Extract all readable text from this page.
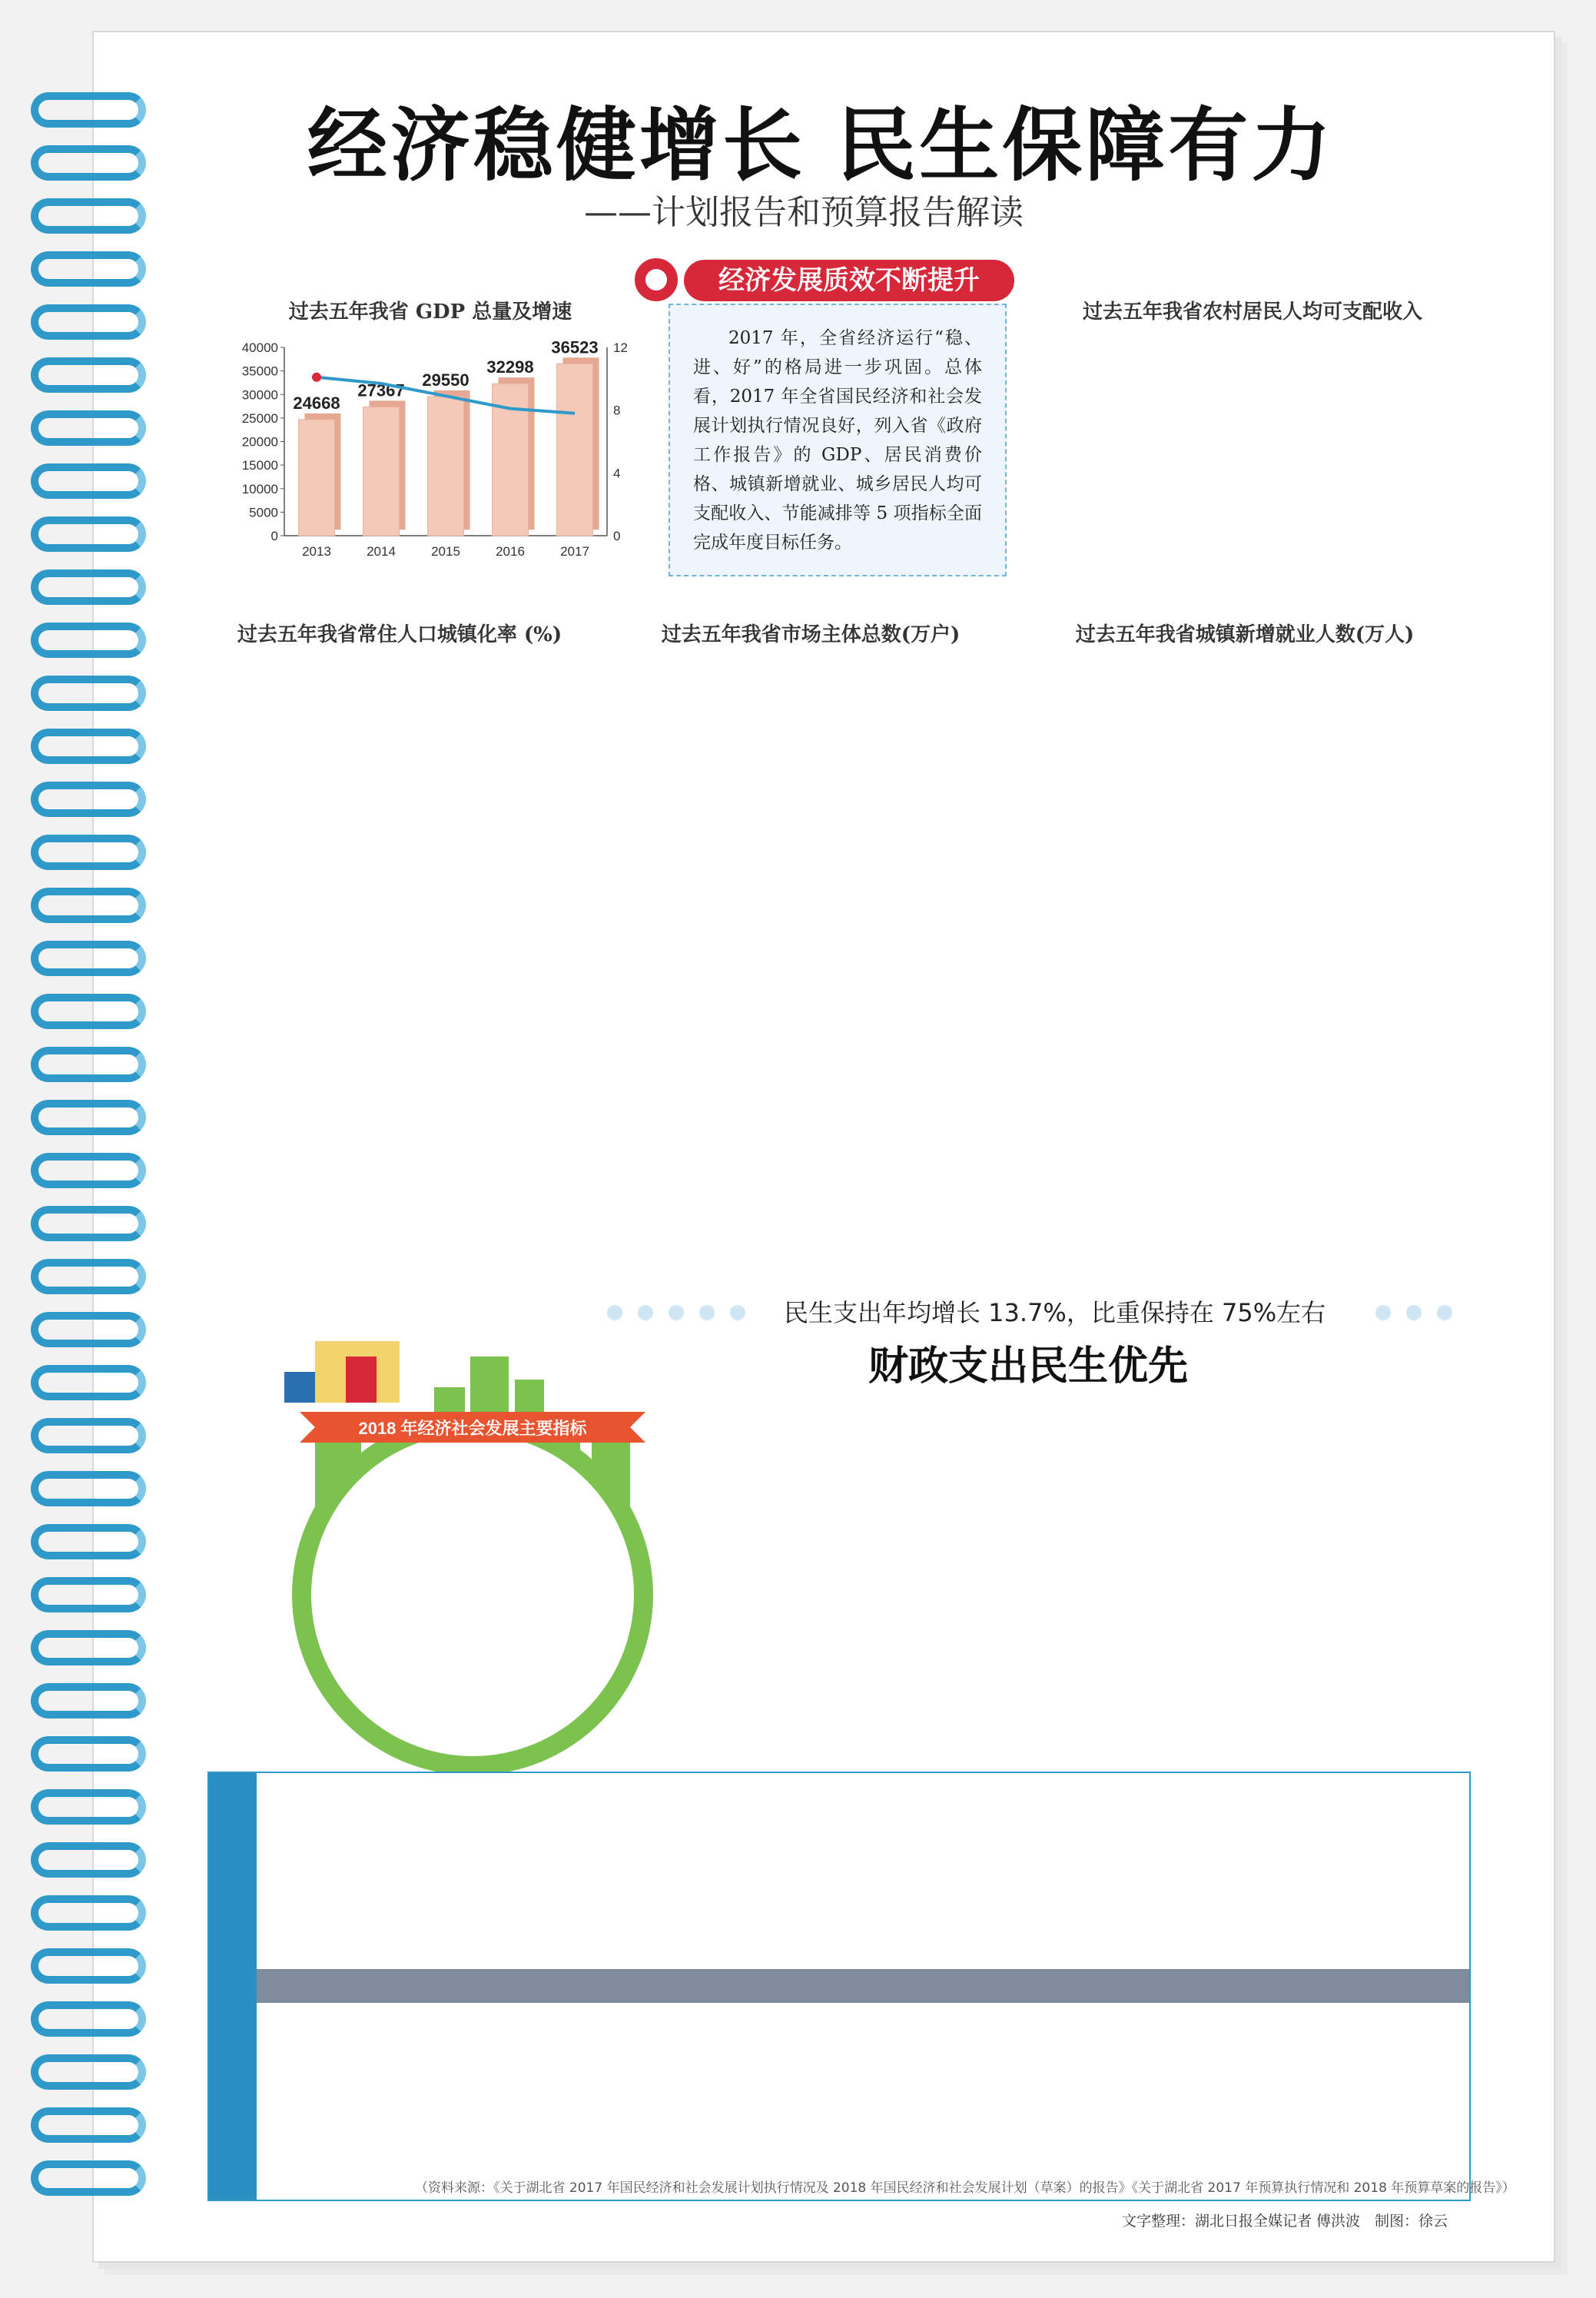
经济稳健增长 民生保障有力
——计划报告和预算报告解读
经济发展质效不断提升
2017 年，全省经济运行“稳、进、好”的格局进一步巩固。总体看，2017 年全省国民经济和社会发展计划执行情况良好，列入省《政府工作报告》的 GDP、居民消费价格、城镇新增就业、城乡居民人均可支配收入、节能减排等 5 项指标全面完成年度目标任务。
过去五年我省 GDP 总量及增速
0
5000
10000
15000
20000
25000
30000
35000
40000
24668
2013
27367
2014
29550
2015
32298
2016
36523
2017
0
4
8
12
过去五年我省农村居民人均可支配收入
过去五年我省常住人口城镇化率 (%)	过去五年我省市场主体总数(万户)	过去五年我省城镇新增就业人数(万人)
民生支出年均增长 13.7%，比重保持在 75%左右
财政支出民生优先
2018 年经济社会发展主要指标
（资料来源：《关于湖北省 2017 年国民经济和社会发展计划执行情况及 2018 年国民经济和社会发展计划（草案）的报告》《关于湖北省 2017 年预算执行情况和 2018 年预算草案的报告》）
文字整理：湖北日报全媒记者 傅洪波　制图：徐云
